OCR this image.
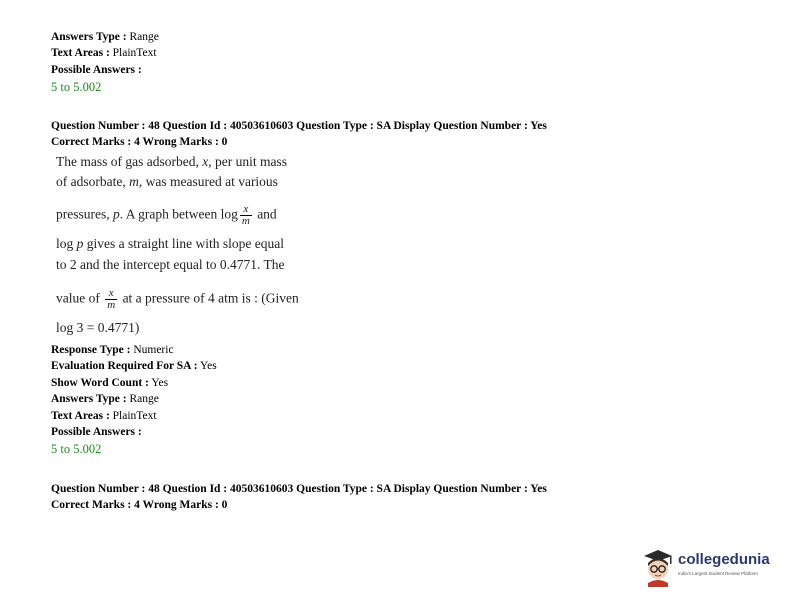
Answers Type : Range
Text Areas : PlainText
Possible Answers :
5 to 5.002
Question Number : 48 Question Id : 40503610603 Question Type : SA Display Question Number : Yes
Correct Marks : 4 Wrong Marks : 0
The mass of gas adsorbed, x, per unit mass
of adsorbate, m, was measured at various
pressures, p. A graph between $\log \frac{x}{m}$ and
log p gives a straight line with slope equal
to 2 and the intercept equal to 0.4771. The
value of $\frac{x}{m}$ at a pressure of 4 atm is : (Given
log 3 = 0.4771)
Response Type : Numeric
Evaluation Required For SA : Yes
Show Word Count : Yes
Answers Type : Range
Text Areas : PlainText
Possible Answers :
5 to 5.002
Question Number : 48 Question Id : 40503610603 Question Type : SA Display Question Number : Yes
Correct Marks : 4 Wrong Marks : 0
collegedunia
India's Largest Student Review Platform
